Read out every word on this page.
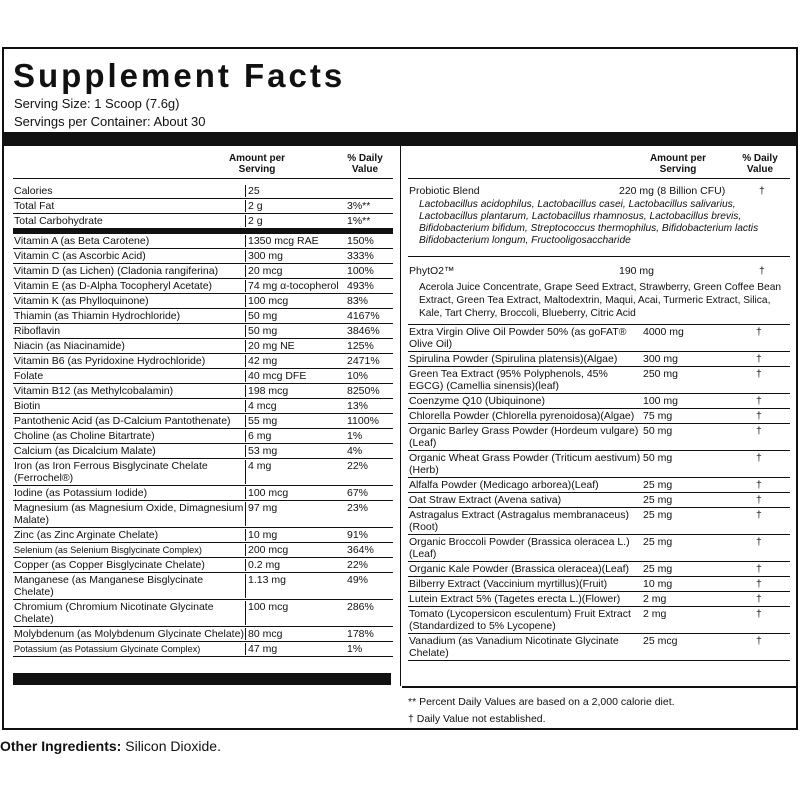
Supplement Facts
Serving Size: 1 Scoop (7.6g)
Servings per Container: About 30
Amount per Serving
% Daily Value
Calories	25
Total Fat	2 g	3%**
Total Carbohydrate	2 g	1%**
Vitamin A (as Beta Carotene)	1350 mcg RAE	150%
Vitamin C (as Ascorbic Acid)	300 mg	333%
Vitamin D (as Lichen) (Cladonia rangiferina)	20 mcg	100%
Vitamin E (as D-Alpha Tocopheryl Acetate)	74 mg α-tocopherol 493%
Vitamin K (as Phylloquinone)	100 mcg	83%
Thiamin (as Thiamin Hydrochloride)	50 mg	4167%
Riboflavin	50 mg	3846%
Niacin (as Niacinamide)	20 mg NE	125%
Vitamin B6 (as Pyridoxine Hydrochloride)	42 mg	2471%
Folate	40 mcg DFE	10%
Vitamin B12 (as Methylcobalamin)	198 mcg	8250%
Biotin	4 mcg	13%
Pantothenic Acid (as D-Calcium Pantothenate)	55 mg	1100%
Choline (as Choline Bitartrate)	6 mg	1%
Calcium (as Dicalcium Malate)	53 mg	4%
Iron (as Iron Ferrous Bisglycinate Chelate (Ferrochel®)
4 mg	22%
Iodine (as Potassium Iodide)	100 mcg	67%
Magnesium (as Magnesium Oxide, Dimagnesium Malate)
97 mg	23%
Zinc (as Zinc Arginate Chelate)	10 mg	91%
Selenium (as Selenium Bisglycinate Complex)	200 mcg	364%
Copper (as Copper Bisglycinate Chelate)	0.2 mg	22%
Manganese (as Manganese Bisglycinate Chelate)
1.13 mg	49%
Chromium (Chromium Nicotinate Glycinate Chelate)
100 mcg	286%
Molybdenum (as Molybdenum Glycinate Chelate) 80 mcg	178%
Potassium (as Potassium Glycinate Complex)	47 mg	1%
Amount per Serving
% Daily Value
Probiotic Blend	220 mg (8 Billion CFU)	†
Lactobacillus acidophilus, Lactobacillus casei, Lactobacillus salivarius, Lactobacillus plantarum, Lactobacillus rhamnosus, Lactobacillus brevis, Bifidobacterium bifidum, Streptococcus thermophilus, Bifidobacterium lactis Bifidobacterium longum, Fructooligosaccharide
PhytO2™	190 mg	†
Acerola Juice Concentrate, Grape Seed Extract, Strawberry, Green Coffee Bean Extract, Green Tea Extract, Maltodextrin, Maqui, Acai, Turmeric Extract, Silica, Kale, Tart Cherry, Broccoli, Blueberry, Citric Acid
Extra Virgin Olive Oil Powder 50% (as goFAT® Olive Oil)
4000 mg	†
Spirulina Powder (Spirulina platensis)(Algae)	300 mg	†
Green Tea Extract (95% Polyphenols, 45% EGCG) (Camellia sinensis)(leaf)
250 mg	†
Coenzyme Q10 (Ubiquinone)	100 mg	†
Chlorella Powder (Chlorella pyrenoidosa)(Algae) 75 mg	†
Organic Barley Grass Powder (Hordeum vulgare)(Leaf)
50 mg	†
Organic Wheat Grass Powder (Triticum aestivum)(Herb)
50 mg	†
Alfalfa Powder (Medicago arborea)(Leaf)	25 mg	†
Oat Straw Extract (Avena sativa)	25 mg	†
Astragalus Extract (Astragalus membranaceus)(Root)
25 mg	†
Organic Broccoli Powder (Brassica oleracea L.)(Leaf)
25 mg	†
Organic Kale Powder (Brassica oleracea)(Leaf)	25 mg	†
Bilberry Extract (Vaccinium myrtillus)(Fruit)	10 mg	†
Lutein Extract 5% (Tagetes erecta L.)(Flower)	2 mg	†
Tomato (Lycopersicon esculentum) Fruit Extract (Standardized to 5% Lycopene)
2 mg	†
Vanadium (as Vanadium Nicotinate Glycinate Chelate)
25 mcg	†
** Percent Daily Values are based on a 2,000 calorie diet.
† Daily Value not established.
Other Ingredients: Silicon Dioxide.
